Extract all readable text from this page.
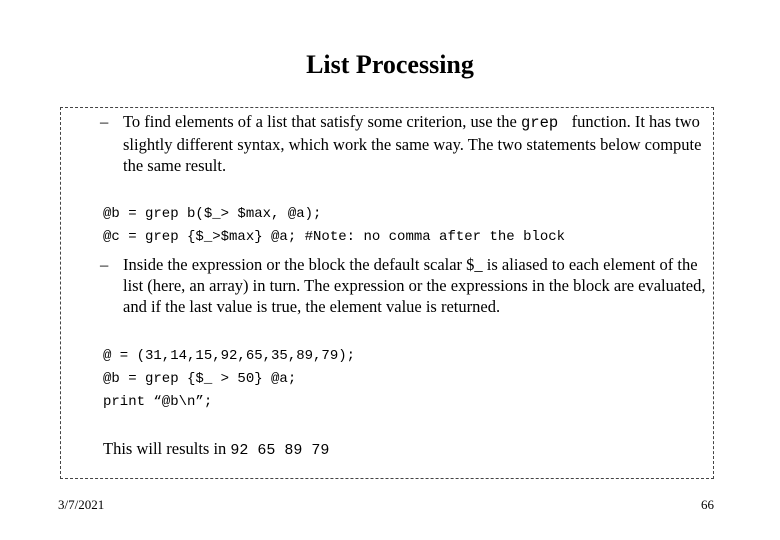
List Processing
– To find elements of a list that satisfy some criterion, use the grep  function. It has two slightly different syntax, which work the same way. The two statements below compute the same result.
@b = grep b($_> $max, @a);
@c = grep {$_>$max} @a; #Note: no comma after the block
– Inside the expression or the block the default scalar $_ is aliased to each element of the list (here, an array) in turn. The expression or the expressions in the block are evaluated, and if the last value is true, the element value is returned.
@ = (31,14,15,92,65,35,89,79);
@b = grep {$_ > 50} @a;
print “@b\n”;
This will results in 92 65 89 79
3/7/2021	66
